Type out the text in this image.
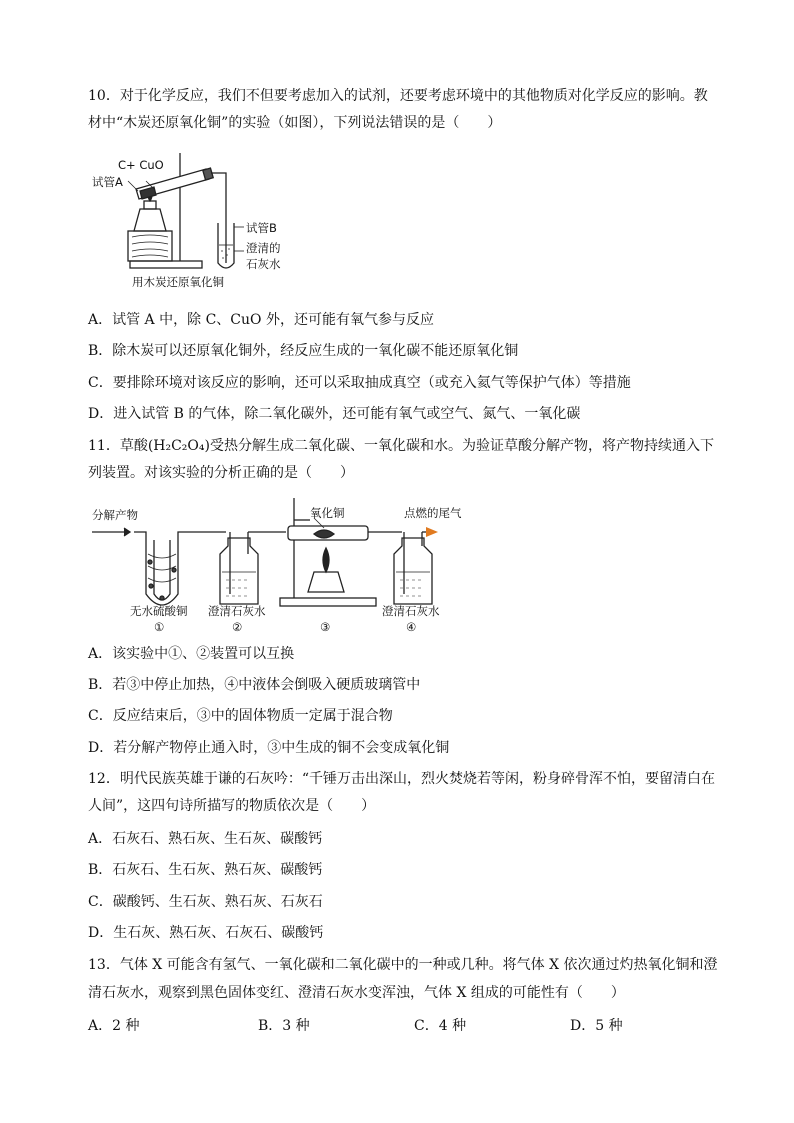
10．对于化学反应，我们不但要考虑加入的试剂，还要考虑环境中的其他物质对化学反应的影响。教
材中“木炭还原氧化铜”的实验（如图），下列说法错误的是（　　）
C+ CuO
试管A
试管B
澄清的
石灰水
用木炭还原氧化铜
A．试管 A 中，除 C、CuO 外，还可能有氧气参与反应
B．除木炭可以还原氧化铜外，经反应生成的一氧化碳不能还原氧化铜
C．要排除环境对该反应的影响，还可以采取抽成真空（或充入氦气等保护气体）等措施
D．进入试管 B 的气体，除二氧化碳外，还可能有氧气或空气、氮气、一氧化碳
11．草酸(H₂C₂O₄)受热分解生成二氧化碳、一氧化碳和水。为验证草酸分解产物，将产物持续通入下
列装置。对该实验的分析正确的是（　　）
分解产物	氧化铜	点燃的尾气
无水硫酸铜 澄清石灰水	澄清石灰水
①	②	③	④
A．该实验中①、②装置可以互换
B．若③中停止加热，④中液体会倒吸入硬质玻璃管中
C．反应结束后，③中的固体物质一定属于混合物
D．若分解产物停止通入时，③中生成的铜不会变成氧化铜
12．明代民族英雄于谦的石灰吟：“千锤万击出深山，烈火焚烧若等闲，粉身碎骨浑不怕，要留清白在
人间”，这四句诗所描写的物质依次是（　　）
A．石灰石、熟石灰、生石灰、碳酸钙
B．石灰石、生石灰、熟石灰、碳酸钙
C．碳酸钙、生石灰、熟石灰、石灰石
D．生石灰、熟石灰、石灰石、碳酸钙
13．气体 X 可能含有氢气、一氧化碳和二氧化碳中的一种或几种。将气体 X 依次通过灼热氧化铜和澄
清石灰水，观察到黑色固体变红、澄清石灰水变浑浊，气体 X 组成的可能性有（　　）
A．2 种	B．3 种	C．4 种	D．5 种
